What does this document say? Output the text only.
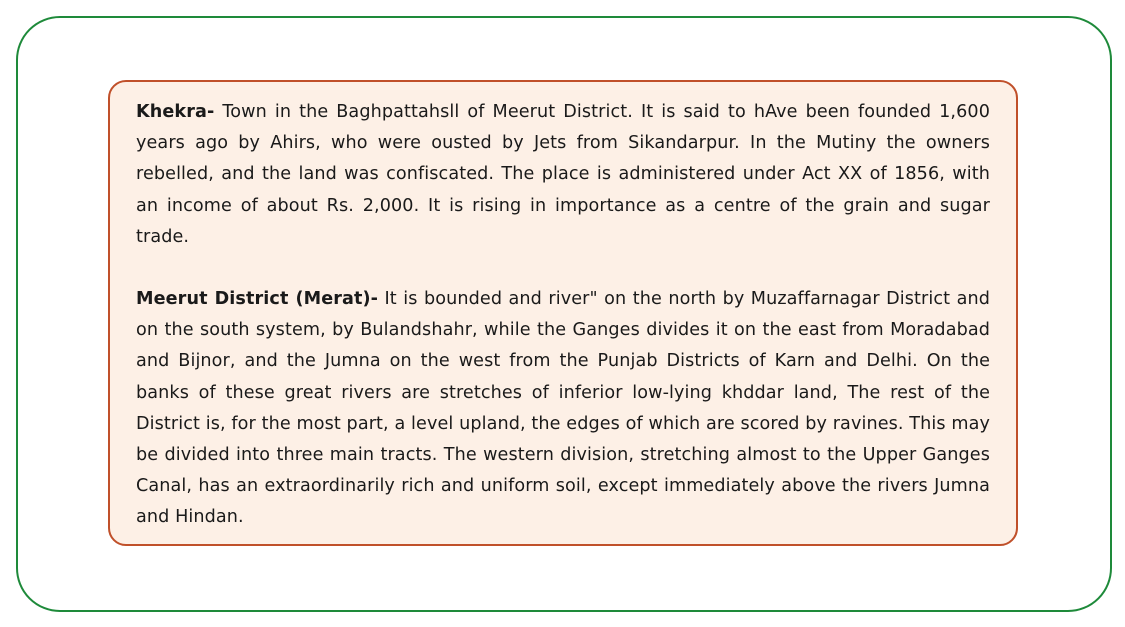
Khekra- Town in the Baghpattahsll of Meerut District. It is said to hAve been founded 1,600 years ago by Ahirs, who were ousted by Jets from Sikandarpur. In the Mutiny the owners rebelled, and the land was confiscated. The place is administered under Act XX of 1856, with an income of about Rs. 2,000. It is rising in importance as a centre of the grain and sugar trade.

Meerut District (Merat)- It is bounded and river" on the north by Muzaffarnagar District and on the south system, by Bulandshahr, while the Ganges divides it on the east from Moradabad and Bijnor, and the Jumna on the west from the Punjab Districts of Karn and Delhi. On the banks of these great rivers are stretches of inferior low-lying khddar land, The rest of the District is, for the most part, a level upland, the edges of which are scored by ravines. This may be divided into three main tracts. The western division, stretching almost to the Upper Ganges Canal, has an extraordinarily rich and uniform soil, except immediately above the rivers Jumna and Hindan.
